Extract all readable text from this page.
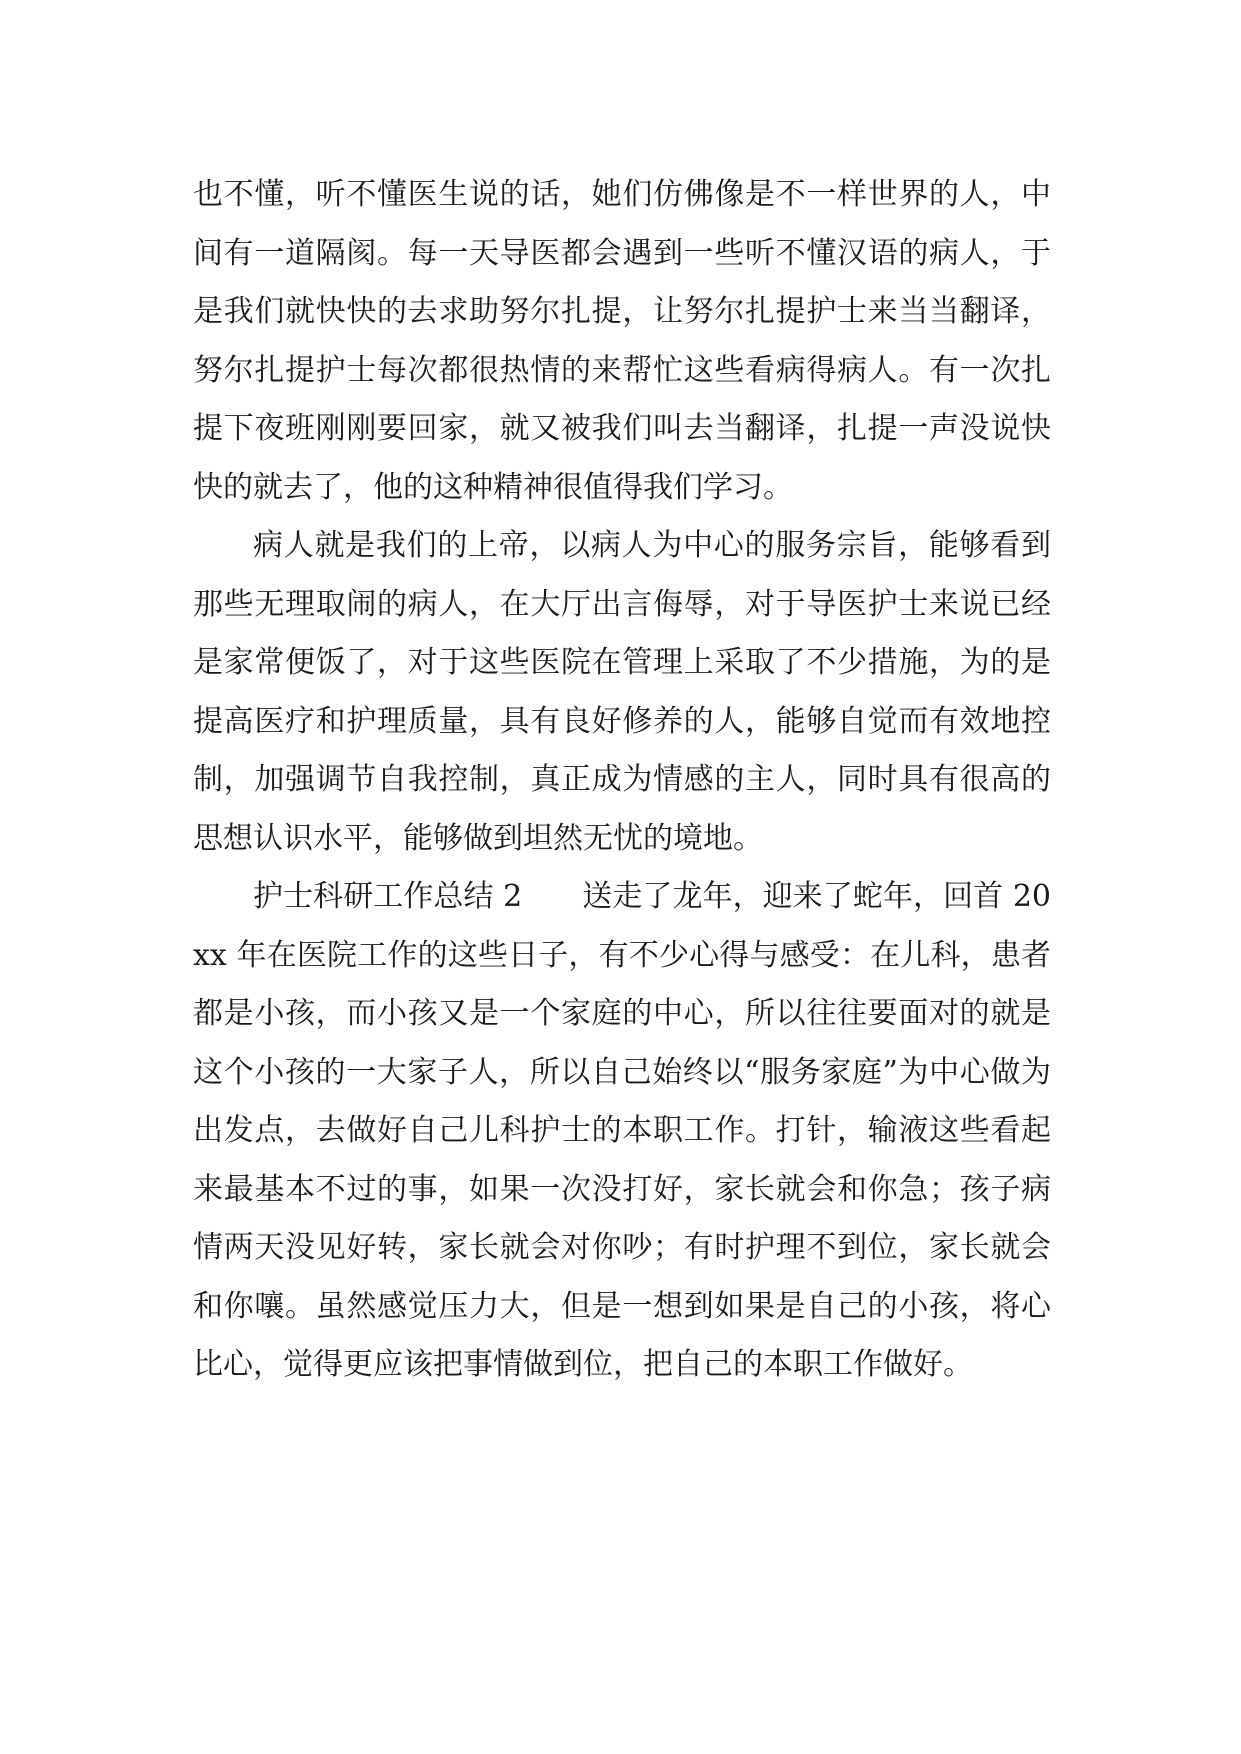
也不懂，听不懂医生说的话，她们仿佛像是不一样世界的人，中间有一道隔阂。每一天导医都会遇到一些听不懂汉语的病人，于是我们就快快的去求助努尔扎提，让努尔扎提护士来当当翻译，努尔扎提护士每次都很热情的来帮忙这些看病得病人。有一次扎提下夜班刚刚要回家，就又被我们叫去当翻译，扎提一声没说快快的就去了，他的这种精神很值得我们学习。

病人就是我们的上帝，以病人为中心的服务宗旨，能够看到那些无理取闹的病人，在大厅出言侮辱，对于导医护士来说已经是家常便饭了，对于这些医院在管理上采取了不少措施，为的是提高医疗和护理质量，具有良好修养的人，能够自觉而有效地控制，加强调节自我控制，真正成为情感的主人，同时具有很高的思想认识水平，能够做到坦然无忧的境地。

护士科研工作总结 2 送走了龙年，迎来了蛇年，回首 20xx 年在医院工作的这些日子，有不少心得与感受：在儿科，患者都是小孩，而小孩又是一个家庭的中心，所以往往要面对的就是这个小孩的一大家子人，所以自己始终以“服务家庭”为中心做为出发点，去做好自己儿科护士的本职工作。打针，输液这些看起来最基本不过的事，如果一次没打好，家长就会和你急；孩子病情两天没见好转，家长就会对你吵；有时护理不到位，家长就会和你嚷。虽然感觉压力大，但是一想到如果是自己的小孩，将心比心，觉得更应该把事情做到位，把自己的本职工作做好。
